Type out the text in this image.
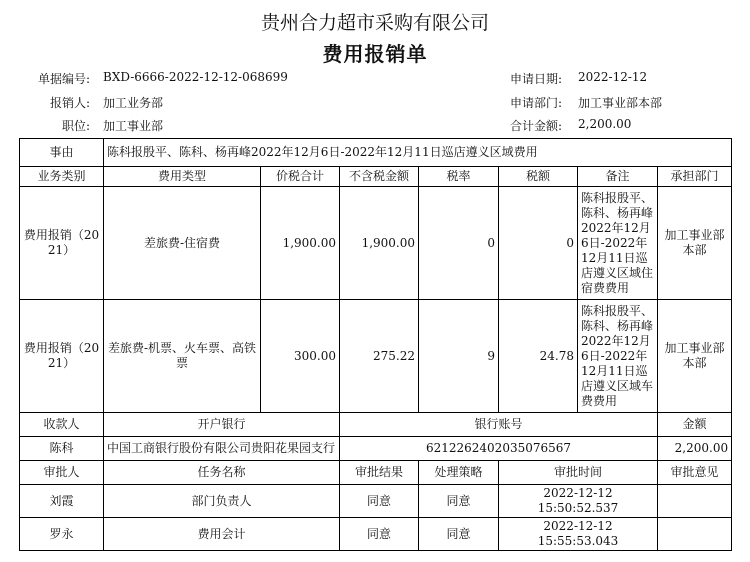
贵州合力超市采购有限公司
费用报销单
单据编号: BXD-6666-2022-12-12-068699
报销人: 加工业务部
职位: 加工事业部
申请日期: 2022-12-12
申请部门: 加工事业部本部
合计金额: 2,200.00
事由	陈科报殷平、陈科、杨再峰2022年12月6日-2022年12月11日巡店遵义区域费用						
业务类别	费用类型	价税合计	不含税金额	税率	税额	备注	承担部门
费用报销（2021）	差旅费-住宿费	1,900.00	1,900.00	0	0	陈科报殷平、陈科、杨再峰2022年12月6日-2022年12月11日巡店遵义区域住宿费费用	加工事业部本部
费用报销（2021）	差旅费-机票、火车票、高铁票	300.00	275.22	9	24.78	陈科报殷平、陈科、杨再峰2022年12月6日-2022年12月11日巡店遵义区域车费费用	加工事业部本部
收款人	开户银行		银行账号				金额
陈科	中国工商银行股份有限公司贵阳花果园支行		6212262402035076567				2,200.00
审批人	任务名称		审批结果	处理策略	审批时间		审批意见
刘霞	部门负责人		同意	同意	2022-12-12 15:50:52.537		
罗永	费用会计		同意	同意	2022-12-12 15:55:53.043		
